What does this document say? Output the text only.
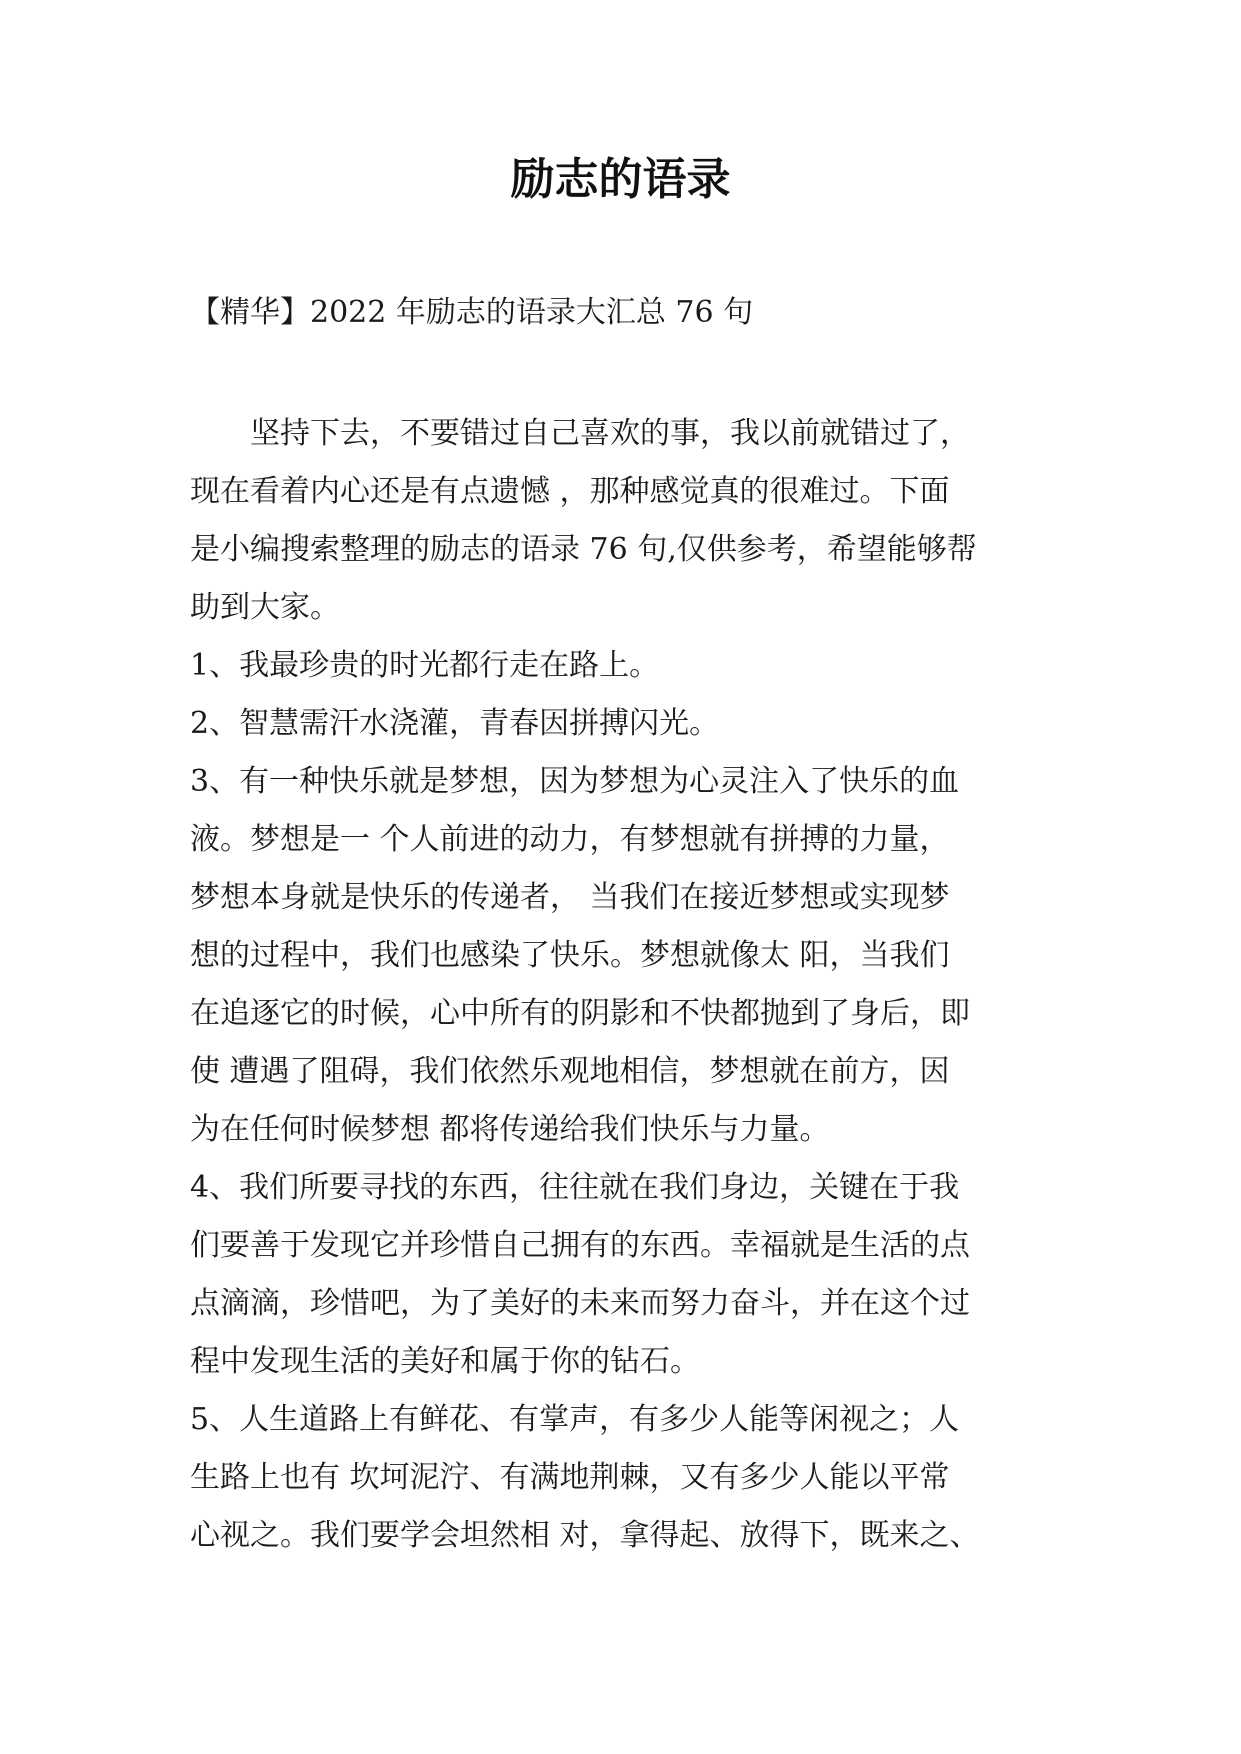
励志的语录
【精华】2022 年励志的语录大汇总 76 句
　　坚持下去，不要错过自己喜欢的事，我以前就错过了，
现在看着内心还是有点遗憾 ，那种感觉真的很难过。下面
是小编搜索整理的励志的语录 76 句,仅供参考，希望能够帮
助到大家。
1、我最珍贵的时光都行走在路上。
2、智慧需汗水浇灌，青春因拼搏闪光。
3、有一种快乐就是梦想，因为梦想为心灵注入了快乐的血
液。梦想是一 个人前进的动力，有梦想就有拼搏的力量，
梦想本身就是快乐的传递者， 当我们在接近梦想或实现梦
想的过程中，我们也感染了快乐。梦想就像太 阳，当我们
在追逐它的时候，心中所有的阴影和不快都抛到了身后，即
使 遭遇了阻碍，我们依然乐观地相信，梦想就在前方，因
为在任何时候梦想 都将传递给我们快乐与力量。
4、我们所要寻找的东西，往往就在我们身边，关键在于我
们要善于发现它并珍惜自己拥有的东西。幸福就是生活的点
点滴滴，珍惜吧，为了美好的未来而努力奋斗，并在这个过
程中发现生活的美好和属于你的钻石。
5、人生道路上有鲜花、有掌声，有多少人能等闲视之；人
生路上也有 坎坷泥泞、有满地荆棘，又有多少人能以平常
心视之。我们要学会坦然相 对，拿得起、放得下，既来之、
